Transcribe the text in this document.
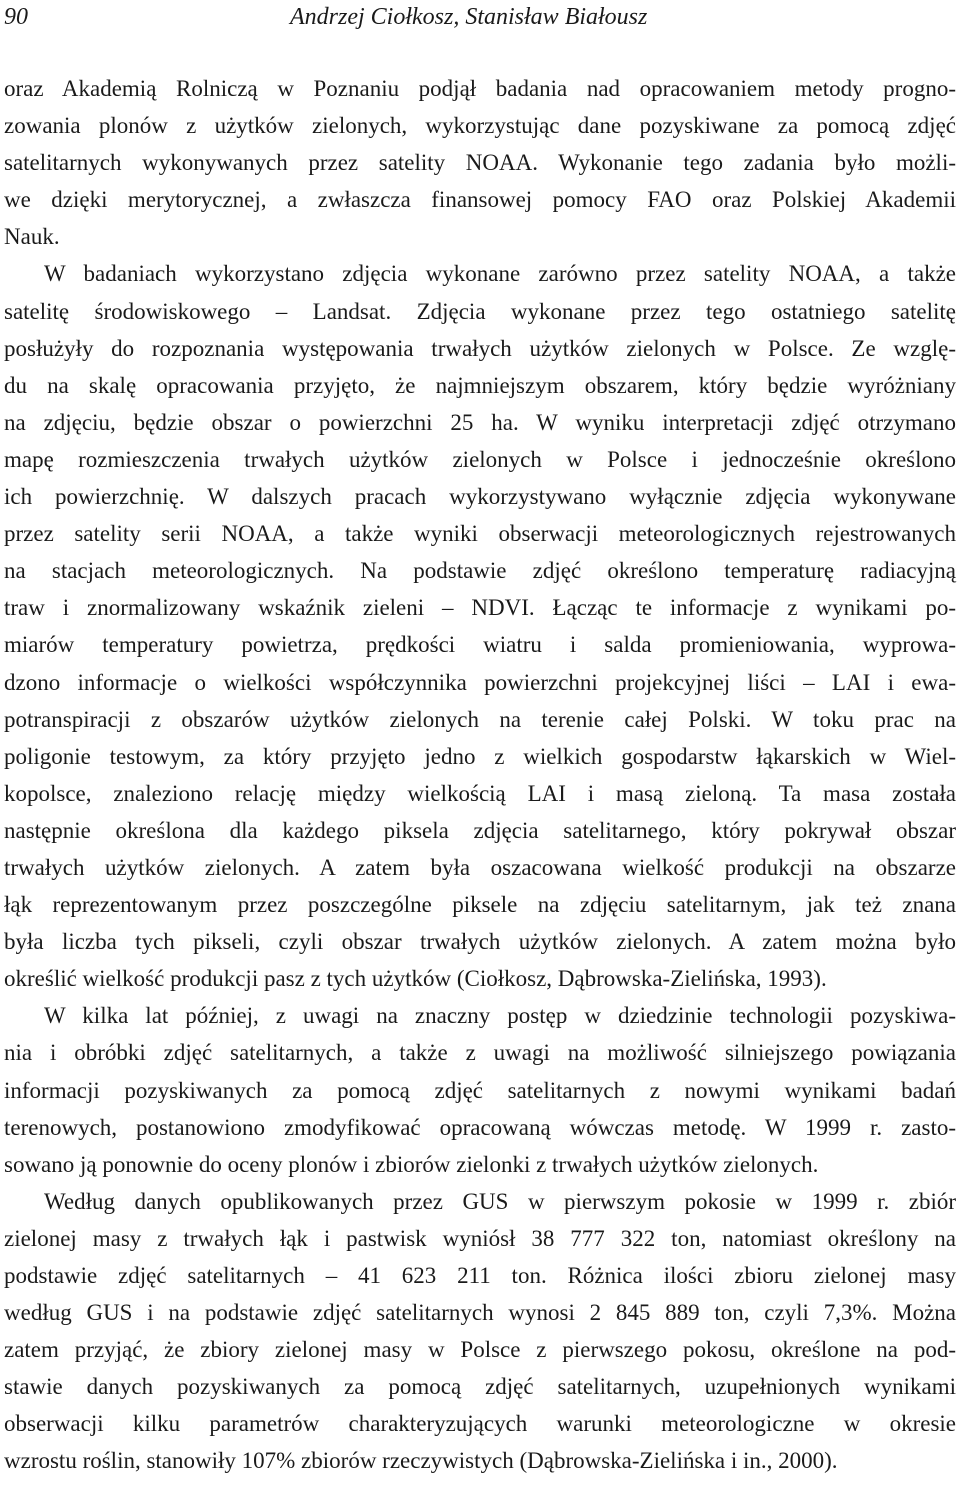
90	Andrzej Ciołkosz, Stanisław Białousz
oraz Akademią Rolniczą w Poznaniu podjął badania nad opracowaniem metody progno-
zowania plonów z użytków zielonych, wykorzystując dane pozyskiwane za pomocą zdjęć
satelitarnych wykonywanych przez satelity NOAA. Wykonanie tego zadania było możli-
we dzięki merytorycznej, a zwłaszcza finansowej pomocy FAO oraz Polskiej Akademii
Nauk.
W badaniach wykorzystano zdjęcia wykonane zarówno przez satelity NOAA, a także
satelitę środowiskowego – Landsat. Zdjęcia wykonane przez tego ostatniego satelitę
posłużyły do rozpoznania występowania trwałych użytków zielonych w Polsce. Ze wzglę-
du na skalę opracowania przyjęto, że najmniejszym obszarem, który będzie wyróżniany
na zdjęciu, będzie obszar o powierzchni 25 ha. W wyniku interpretacji zdjęć otrzymano
mapę rozmieszczenia trwałych użytków zielonych w Polsce i jednocześnie określono
ich powierzchnię. W dalszych pracach wykorzystywano wyłącznie zdjęcia wykonywane
przez satelity serii NOAA, a także wyniki obserwacji meteorologicznych rejestrowanych
na stacjach meteorologicznych. Na podstawie zdjęć określono temperaturę radiacyjną
traw i znormalizowany wskaźnik zieleni – NDVI. Łącząc te informacje z wynikami po-
miarów temperatury powietrza, prędkości wiatru i salda promieniowania, wyprowa-
dzono informacje o wielkości współczynnika powierzchni projekcyjnej liści – LAI i ewa-
potranspiracji z obszarów użytków zielonych na terenie całej Polski. W toku prac na
poligonie testowym, za który przyjęto jedno z wielkich gospodarstw łąkarskich w Wiel-
kopolsce, znaleziono relację między wielkością LAI i masą zieloną. Ta masa została
następnie określona dla każdego piksela zdjęcia satelitarnego, który pokrywał obszar
trwałych użytków zielonych. A zatem była oszacowana wielkość produkcji na obszarze
łąk reprezentowanym przez poszczególne piksele na zdjęciu satelitarnym, jak też znana
była liczba tych pikseli, czyli obszar trwałych użytków zielonych. A zatem można było
określić wielkość produkcji pasz z tych użytków (Ciołkosz, Dąbrowska-Zielińska, 1993).
W kilka lat później, z uwagi na znaczny postęp w dziedzinie technologii pozyskiwa-
nia i obróbki zdjęć satelitarnych, a także z uwagi na możliwość silniejszego powiązania
informacji pozyskiwanych za pomocą zdjęć satelitarnych z nowymi wynikami badań
terenowych, postanowiono zmodyfikować opracowaną wówczas metodę. W 1999 r. zasto-
sowano ją ponownie do oceny plonów i zbiorów zielonki z trwałych użytków zielonych.
Według danych opublikowanych przez GUS w pierwszym pokosie w 1999 r. zbiór
zielonej masy z trwałych łąk i pastwisk wyniósł 38 777 322 ton, natomiast określony na
podstawie zdjęć satelitarnych – 41 623 211 ton. Różnica ilości zbioru zielonej masy
według GUS i na podstawie zdjęć satelitarnych wynosi 2 845 889 ton, czyli 7,3%. Można
zatem przyjąć, że zbiory zielonej masy w Polsce z pierwszego pokosu, określone na pod-
stawie danych pozyskiwanych za pomocą zdjęć satelitarnych, uzupełnionych wynikami
obserwacji kilku parametrów charakteryzujących warunki meteorologiczne w okresie
wzrostu roślin, stanowiły 107% zbiorów rzeczywistych (Dąbrowska-Zielińska i in., 2000).
